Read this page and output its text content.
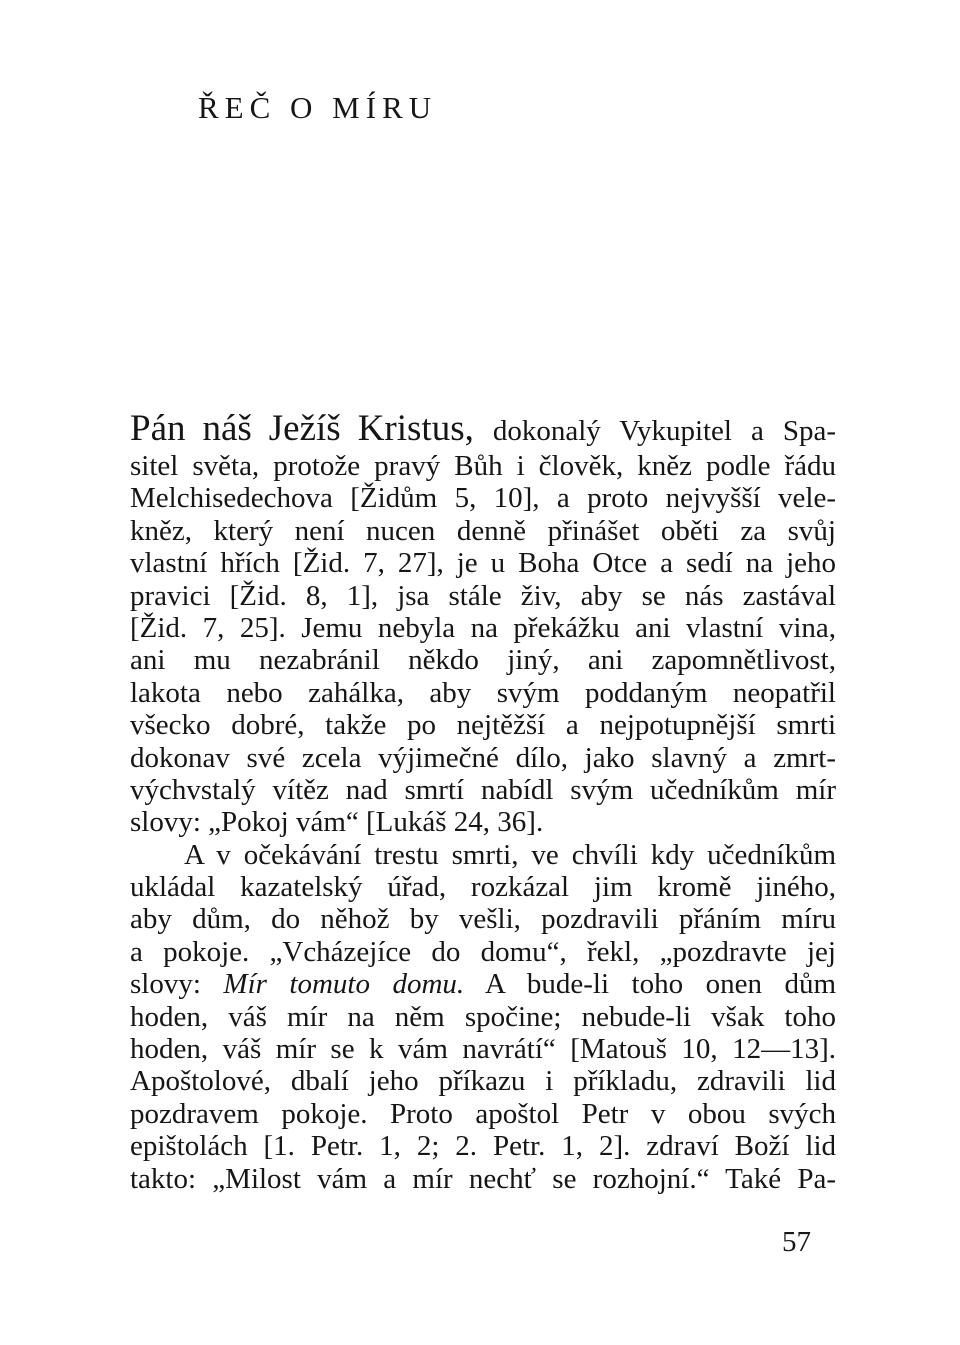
ŘEČ O MÍRU
Pán náš Ježíš Kristus, dokonalý Vykupitel a Spa-
sitel světa, protože pravý Bůh i člověk, kněz podle řádu
Melchisedechova [Židům 5, 10], a proto nejvyšší vele-
kněz, který není nucen denně přinášet oběti za svůj
vlastní hřích [Žid. 7, 27], je u Boha Otce a sedí na jeho
pravici [Žid. 8, 1], jsa stále živ, aby se nás zastával
[Žid. 7, 25]. Jemu nebyla na překážku ani vlastní vina,
ani mu nezabránil někdo jiný, ani zapomnětlivost,
lakota nebo zahálka, aby svým poddaným neopatřil
všecko dobré, takže po nejtěžší a nejpotupnější smrti
dokonav své zcela výjimečné dílo, jako slavný a zmrt-
výchvstalý vítěz nad smrtí nabídl svým učedníkům mír
slovy: „Pokoj vám“ [Lukáš 24, 36].
A v očekávání trestu smrti, ve chvíli kdy učedníkům
ukládal kazatelský úřad, rozkázal jim kromě jiného,
aby dům, do něhož by vešli, pozdravili přáním míru
a pokoje. „Vcházejíce do domu“, řekl, „pozdravte jej
slovy: Mír tomuto domu. A bude-li toho onen dům
hoden, váš mír na něm spočine; nebude-li však toho
hoden, váš mír se k vám navrátí“ [Matouš 10, 12—13].
Apoštolové, dbalí jeho příkazu i příkladu, zdravili lid
pozdravem pokoje. Proto apoštol Petr v obou svých
epištolách [1. Petr. 1, 2; 2. Petr. 1, 2]. zdraví Boží lid
takto: „Milost vám a mír nechť se rozhojní.“ Také Pa-
57
